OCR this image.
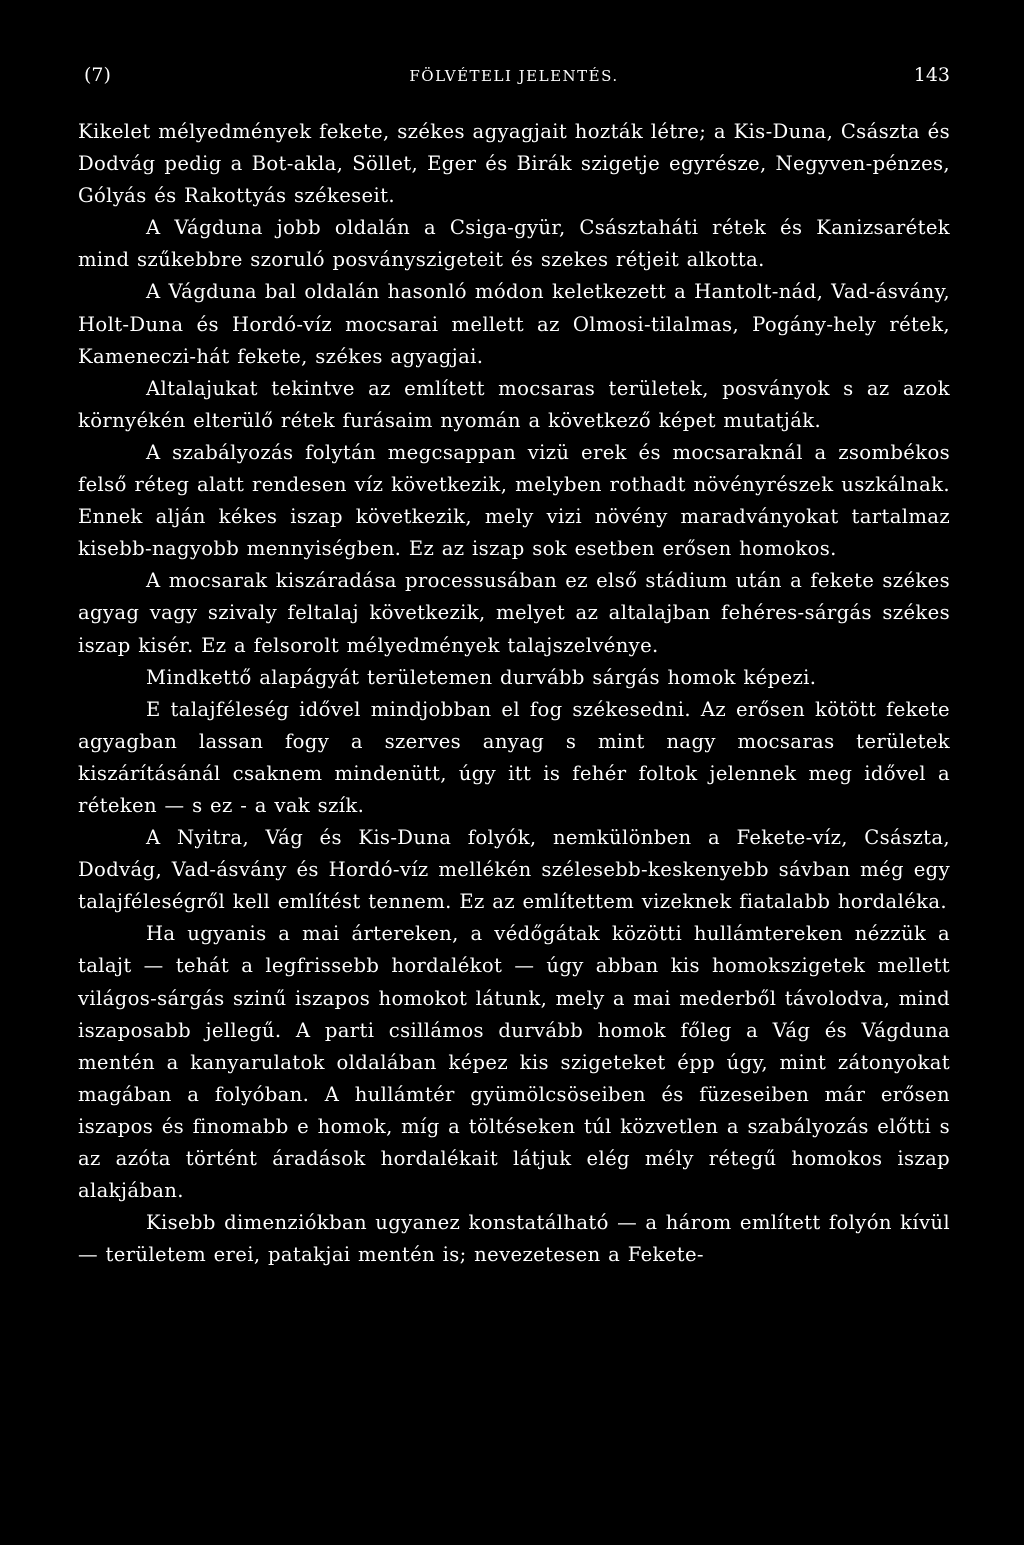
(7)	FÖLVÉTELI JELENTÉS.	143

Kikelet mélyedmények fekete, székes agyagjait hozták létre; a Kis-Duna, Császta és Dodvág pedig a Bot-akla, Söllet, Eger és Birák szigetje egyrésze, Negyven-pénzes, Gólyás és Rakottyás székeseit.

A Vágduna jobb oldalán a Csiga-gyür, Császtaháti rétek és Kanizsarétek mind szűkebbre szoruló posványszigeteit és szekes rétjeit alkotta.

A Vágduna bal oldalán hasonló módon keletkezett a Hantolt-nád, Vad-ásvány, Holt-Duna és Hordó-víz mocsarai mellett az Olmosi-tilalmas, Pogány-hely rétek, Kameneczi-hát fekete, székes agyagjai.

Altalajukat tekintve az említett mocsaras területek, posványok s az azok környékén elterülő rétek furásaim nyomán a következő képet mutatják.

A szabályozás folytán megcsappan vizü erek és mocsaraknál a zsombékos felső réteg alatt rendesen víz következik, melyben rothadt növényrészek uszkálnak. Ennek alján kékes iszap következik, mely vizi növény maradványokat tartalmaz kisebb-nagyobb mennyiségben. Ez az iszap sok esetben erősen homokos.

A mocsarak kiszáradása processusában ez első stádium után a fekete székes agyag vagy szivaly feltalaj következik, melyet az altalajban fehéres-sárgás székes iszap kisér. Ez a felsorolt mélyedmények talajszelvénye.

Mindkettő alapágyát területemen durvább sárgás homok képezi.

E talajféleség idővel mindjobban el fog székesedni. Az erősen kötött fekete agyagban lassan fogy a szerves anyag s mint nagy mocsaras területek kiszárításánál csaknem mindenütt, úgy itt is fehér foltok jelennek meg idővel a réteken — s ez - a vak szík.

A Nyitra, Vág és Kis-Duna folyók, nemkülönben a Fekete-víz, Császta, Dodvág, Vad-ásvány és Hordó-víz mellékén szélesebb-keskenyebb sávban még egy talajféleségről kell említést tennem. Ez az említettem vizeknek fiatalabb hordaléka.

Ha ugyanis a mai ártereken, a védőgátak közötti hullámtereken nézzük a talajt — tehát a legfrissebb hordalékot — úgy abban kis homokszigetek mellett világos-sárgás szinű iszapos homokot látunk, mely a mai mederből távolodva, mind iszaposabb jellegű. A parti csillámos durvább homok főleg a Vág és Vágduna mentén a kanyarulatok oldalában képez kis szigeteket épp úgy, mint zátonyokat magában a folyóban. A hullámtér gyümölcsöseiben és füzeseiben már erősen iszapos és finomabb e homok, míg a töltéseken túl közvetlen a szabályozás előtti s az azóta történt áradások hordalékait látjuk elég mély rétegű homokos iszap alakjában.

Kisebb dimenziókban ugyanez konstatálható — a három említett folyón kívül — területem erei, patakjai mentén is; nevezetesen a Fekete-
